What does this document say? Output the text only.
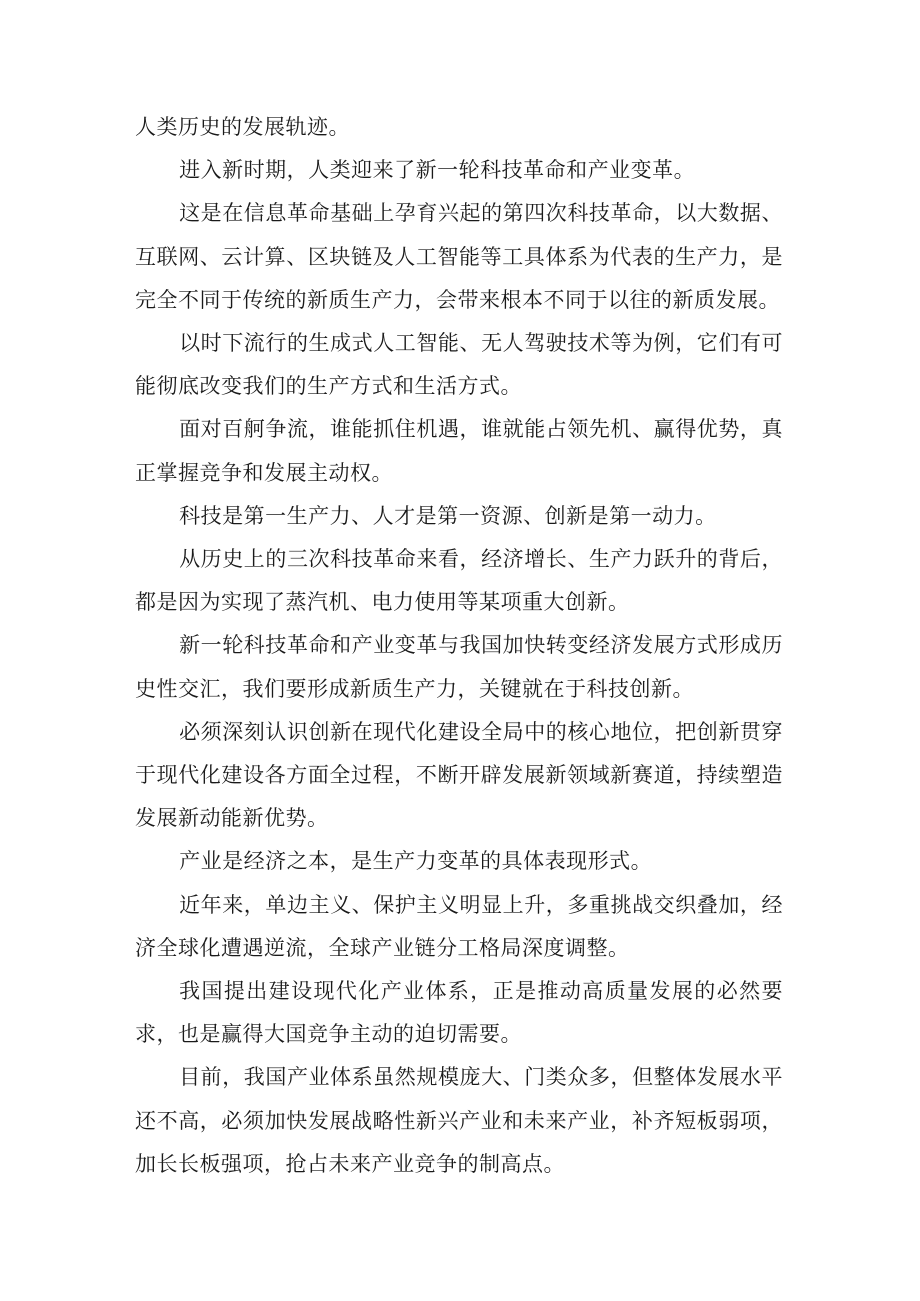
人类历史的发展轨迹。

进入新时期，人类迎来了新一轮科技革命和产业变革。

这是在信息革命基础上孕育兴起的第四次科技革命，以大数据、互联网、云计算、区块链及人工智能等工具体系为代表的生产力，是完全不同于传统的新质生产力，会带来根本不同于以往的新质发展。

以时下流行的生成式人工智能、无人驾驶技术等为例，它们有可能彻底改变我们的生产方式和生活方式。

面对百舸争流，谁能抓住机遇，谁就能占领先机、赢得优势，真正掌握竞争和发展主动权。

科技是第一生产力、人才是第一资源、创新是第一动力。

从历史上的三次科技革命来看，经济增长、生产力跃升的背后，都是因为实现了蒸汽机、电力使用等某项重大创新。

新一轮科技革命和产业变革与我国加快转变经济发展方式形成历史性交汇，我们要形成新质生产力，关键就在于科技创新。

必须深刻认识创新在现代化建设全局中的核心地位，把创新贯穿于现代化建设各方面全过程，不断开辟发展新领域新赛道，持续塑造发展新动能新优势。

产业是经济之本，是生产力变革的具体表现形式。

近年来，单边主义、保护主义明显上升，多重挑战交织叠加，经济全球化遭遇逆流，全球产业链分工格局深度调整。

我国提出建设现代化产业体系，正是推动高质量发展的必然要求，也是赢得大国竞争主动的迫切需要。

目前，我国产业体系虽然规模庞大、门类众多，但整体发展水平还不高，必须加快发展战略性新兴产业和未来产业，补齐短板弱项，加长长板强项，抢占未来产业竞争的制高点。
